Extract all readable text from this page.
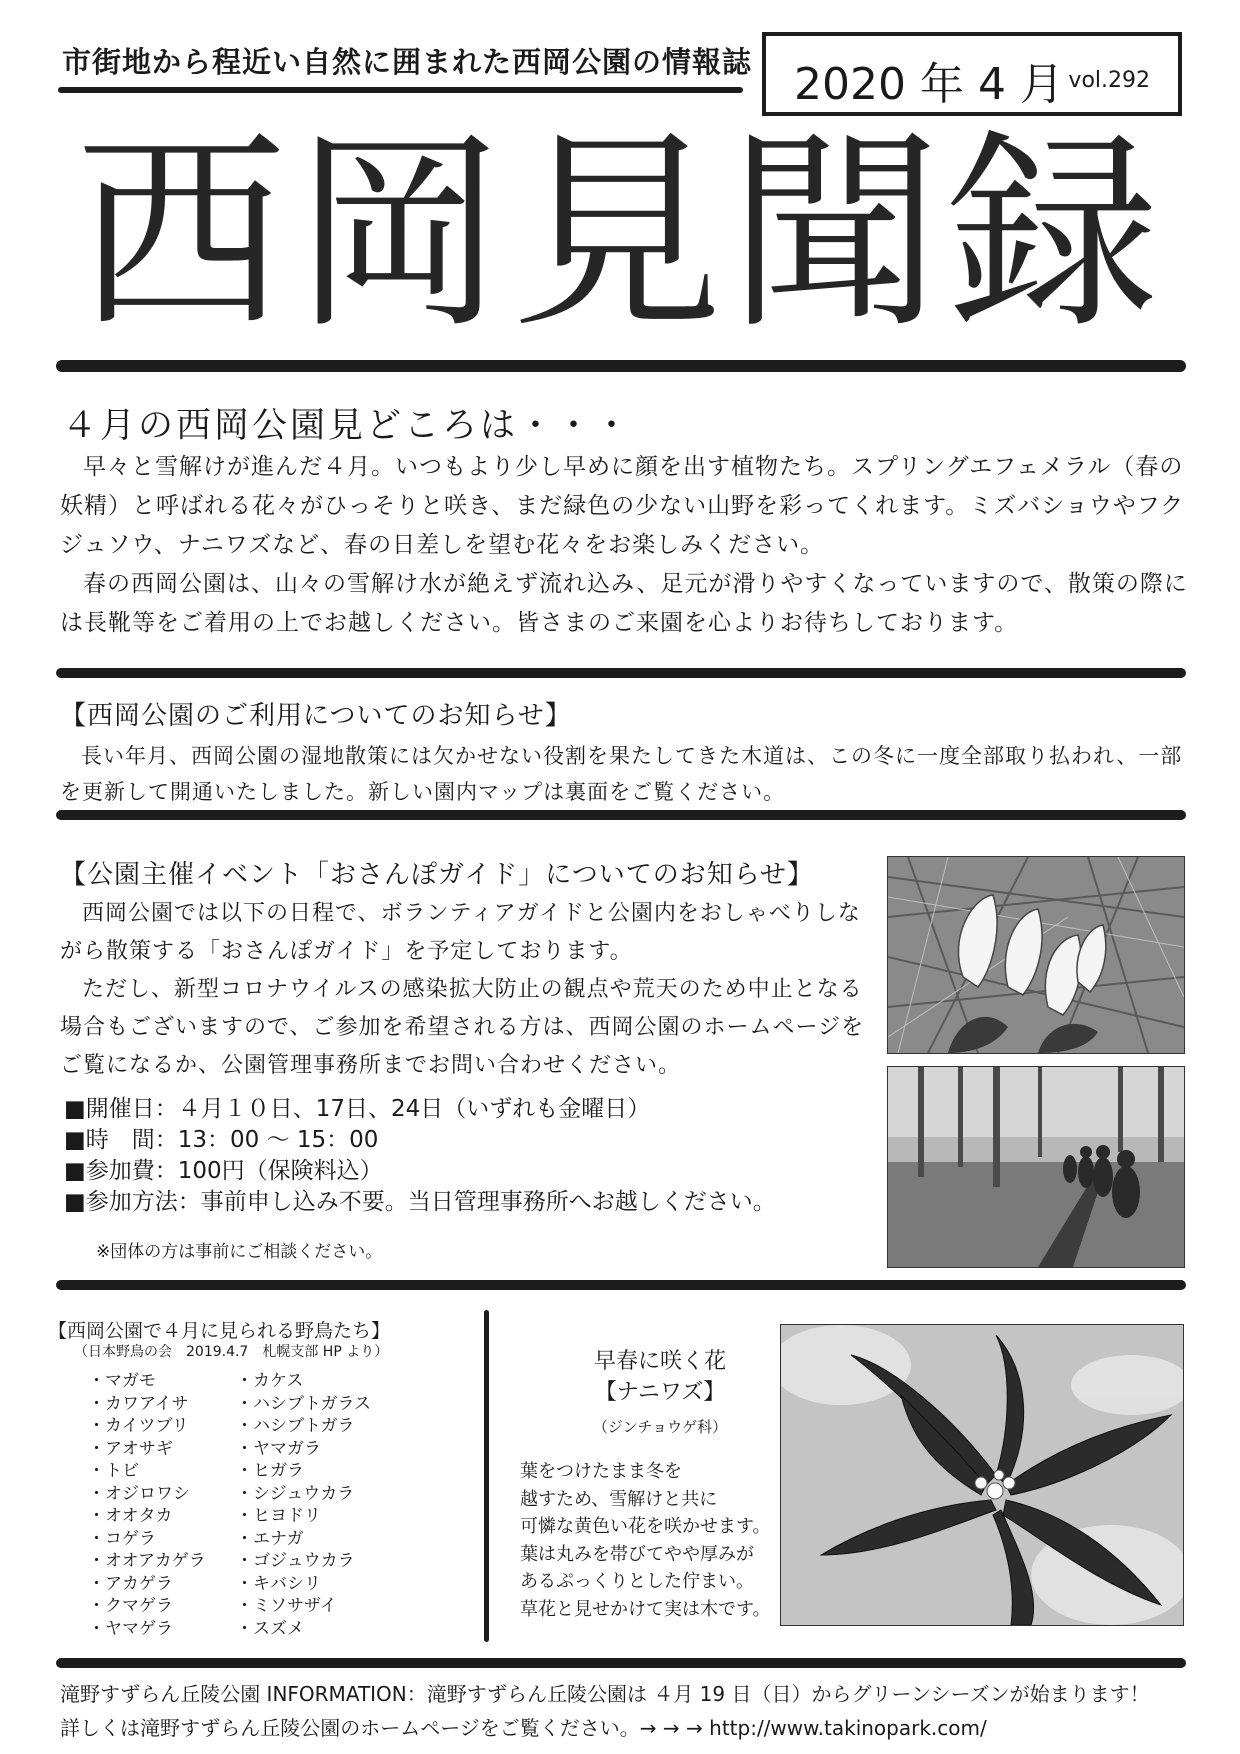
市街地から程近い自然に囲まれた西岡公園の情報誌 2020 年 4 月 vol.292
西岡見聞録
４月の西岡公園見どころは・・・

早々と雪解けが進んだ４月。いつもより少し早めに顔を出す植物たち。スプリングエフェメラル（春の妖精）と呼ばれる花々がひっそりと咲き、まだ緑色の少ない山野を彩ってくれます。ミズバショウやフクジュソウ、ナニワズなど、春の日差しを望む花々をお楽しみください。

春の西岡公園は、山々の雪解け水が絶えず流れ込み、足元が滑りやすくなっていますので、散策の際には長靴等をご着用の上でお越しください。皆さまのご来園を心よりお待ちしております。

【西岡公園のご利用についてのお知らせ】

長い年月、西岡公園の湿地散策には欠かせない役割を果たしてきた木道は、この冬に一度全部取り払われ、一部を更新して開通いたしました。新しい園内マップは裏面をご覧ください。

【公園主催イベント「おさんぽガイド」についてのお知らせ】

西岡公園では以下の日程で、ボランティアガイドと公園内をおしゃべりしながら散策する「おさんぽガイド」を予定しております。

ただし、新型コロナウイルスの感染拡大防止の観点や荒天のため中止となる場合もございますので、ご参加を希望される方は、西岡公園のホームページをご覧になるか、公園管理事務所までお問い合わせください。

■開催日：４月１０日、17日、24日（いずれも金曜日）
■時　間：13：00 ～ 15：00
■参加費：100円（保険料込）
■参加方法：事前申し込み不要。当日管理事務所へお越しください。
※団体の方は事前にご相談ください。
【西岡公園で４月に見られる野鳥たち】
（日本野鳥の会　2019.4.7　札幌支部 HP より）
・ マガモ
・ カワアイサ
・ カイツブリ
・ アオサギ
・ トビ
・ オジロワシ
・ オオタカ
・ コゲラ
・ オオアカゲラ
・ アカゲラ
・ クマゲラ
・ ヤマゲラ
・ カケス
・ ハシブトガラス
・ ハシブトガラ
・ ヤマガラ
・ ヒガラ
・ シジュウカラ
・ ヒヨドリ
・ エナガ
・ ゴジュウカラ
・ キバシリ
・ ミソサザイ
・ スズメ
早春に咲く花
【ナニワズ】
（ジンチョウゲ科）
葉をつけたまま冬を
越すため、雪解けと共に
可憐な黄色い花を咲かせます。
葉は丸みを帯びてやや厚みが
あるぷっくりとした佇まい。
草花と見せかけて実は木です。
滝野すずらん丘陵公園 INFORMATION：滝野すずらん丘陵公園は ４月 19 日（日）からグリーンシーズンが始まります！
詳しくは滝野すずらん丘陵公園のホームページをご覧ください。→ → → http://www.takinopark.com/
